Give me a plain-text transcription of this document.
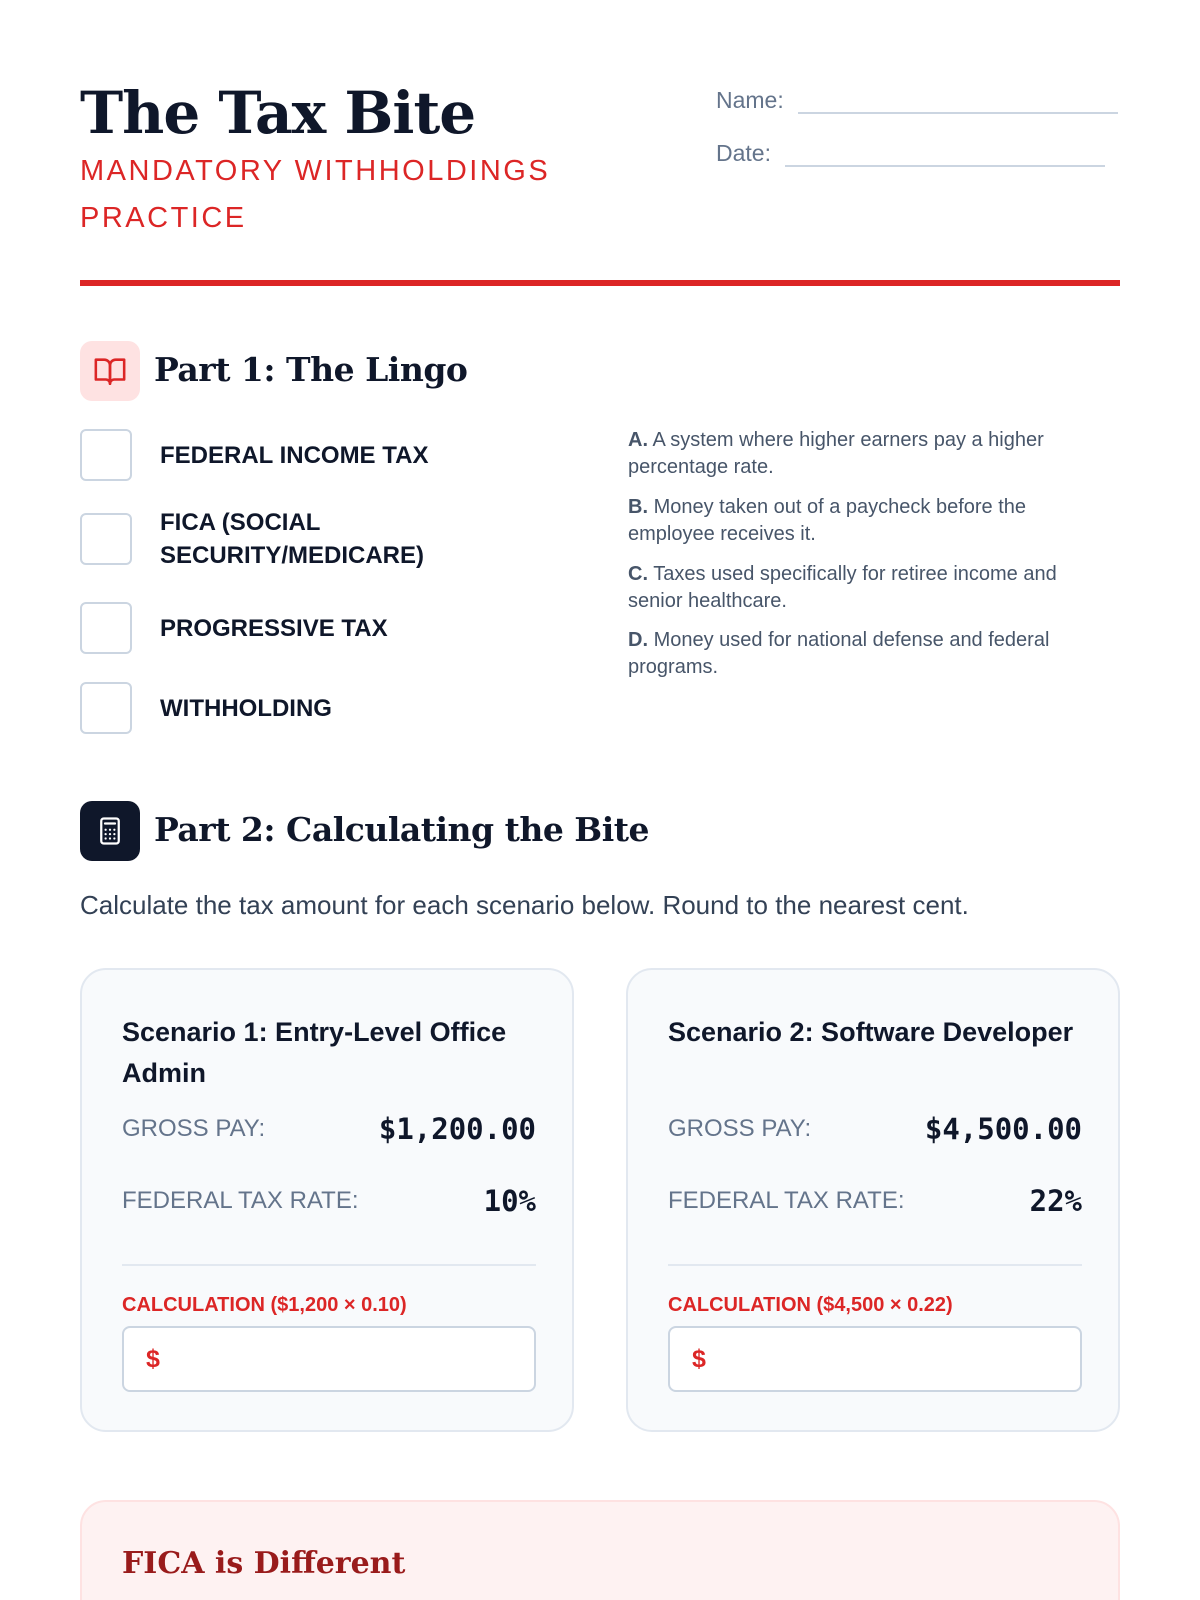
The Tax Bite
MANDATORY WITHHOLDINGS PRACTICE
Name:
Date:
Part 1: The Lingo
FEDERAL INCOME TAX
FICA (SOCIAL SECURITY/MEDICARE)
PROGRESSIVE TAX
WITHHOLDING
A. A system where higher earners pay a higher percentage rate.
B. Money taken out of a paycheck before the employee receives it.
C. Taxes used specifically for retiree income and senior healthcare.
D. Money used for national defense and federal programs.
Part 2: Calculating the Bite
Calculate the tax amount for each scenario below. Round to the nearest cent.
Scenario 1: Entry-Level Office Admin
GROSS PAY:	$1,200.00
FEDERAL TAX RATE:	10%
CALCULATION ($1,200 × 0.10)
$
Scenario 2: Software Developer
GROSS PAY:	$4,500.00
FEDERAL TAX RATE:	22%
CALCULATION ($4,500 × 0.22)
$
FICA is Different
